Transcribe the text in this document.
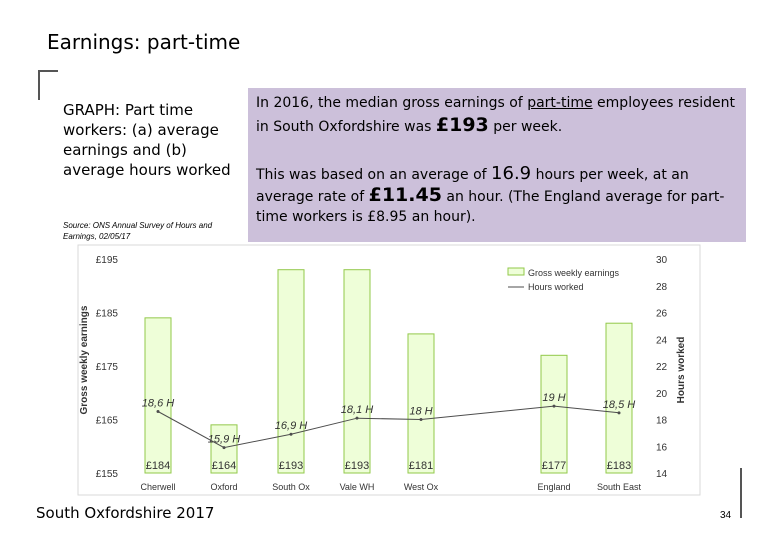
Earnings: part-time
GRAPH: Part time workers: (a) average earnings and (b) average hours worked
Source: ONS Annual Survey of Hours and Earnings, 02/05/17
In 2016, the median gross earnings of part-time employees resident in South Oxfordshire was £193 per week.
This was based on an average of 16.9 hours per week, at an average rate of £11.45 an hour. (The England average for part-time workers is £8.95 an hour).
£155
£165
£175
£185
£195
14
16
18
20
22
24
26
28
30
£184
Cherwell
£164
Oxford
£193
South Ox
£193
Vale WH
£181
West Ox
£177
England
£183
South East
18,6 H
15,9 H
16,9 H
18,1 H	18 H
19 H
18,5 H
Gross weekly earnings	Hours worked
Gross weekly earnings
Hours worked
South Oxfordshire 2017	34
